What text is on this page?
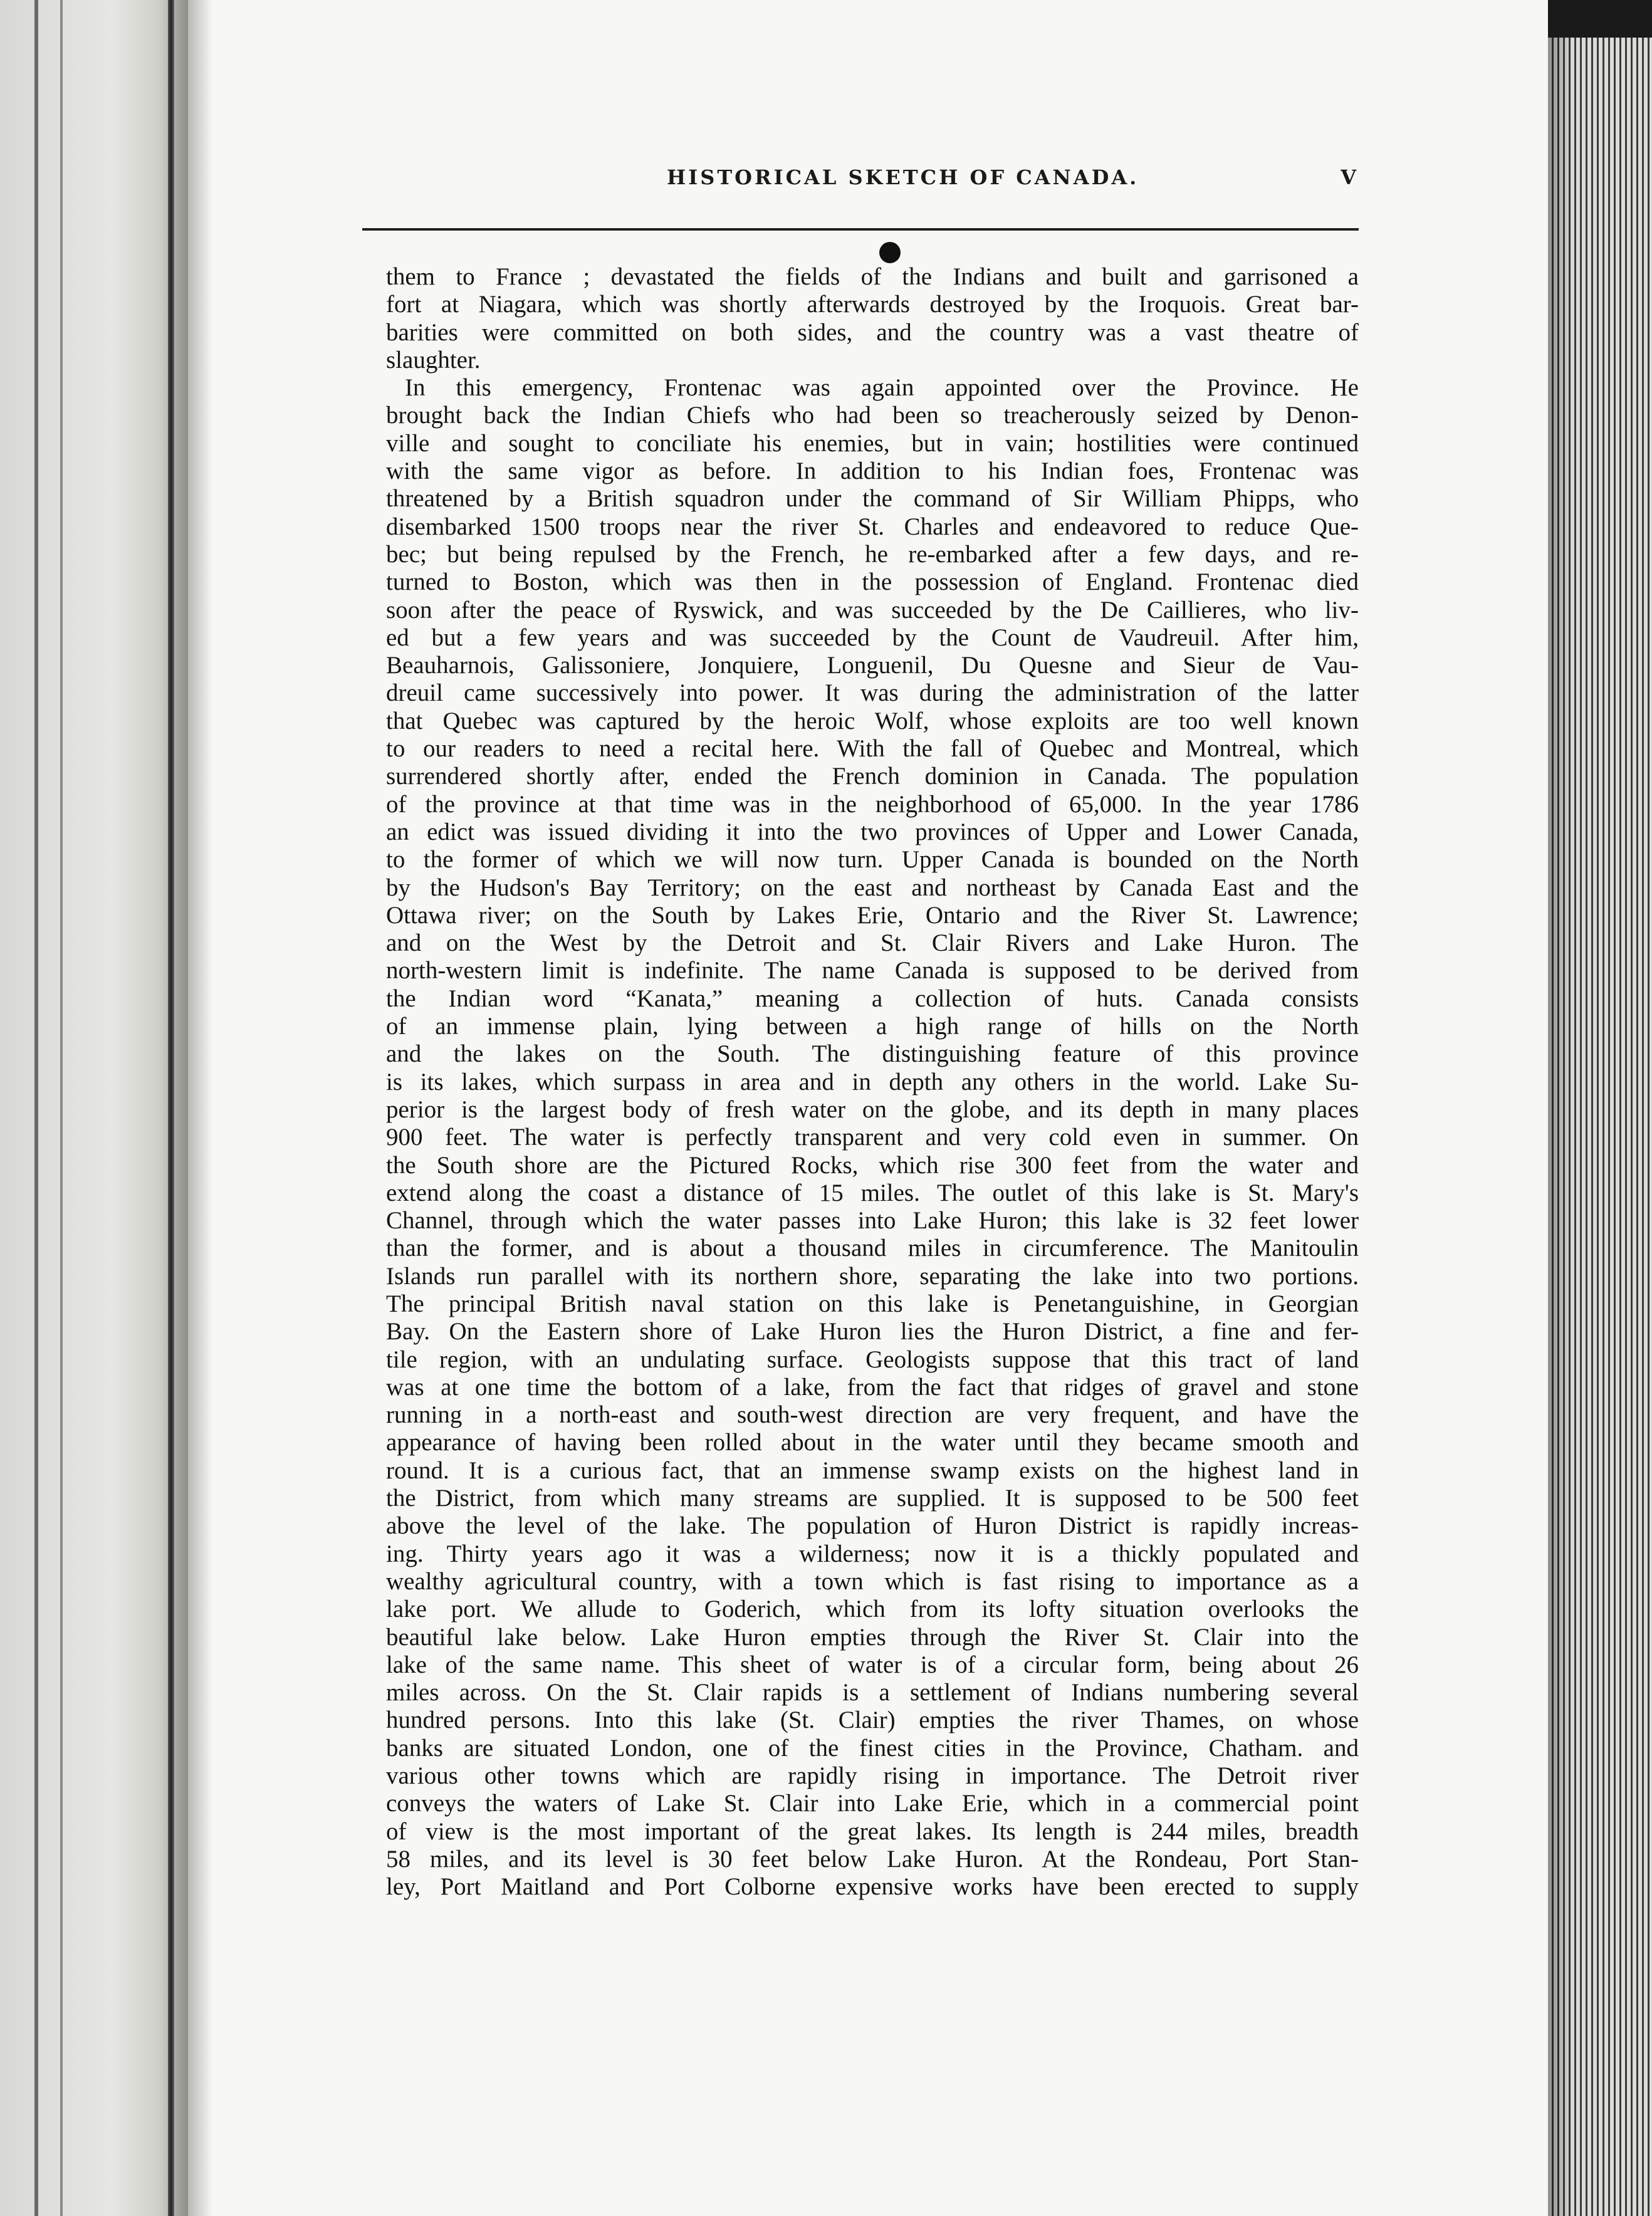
HISTORICAL SKETCH OF CANADA.	V
them to France ; devastated the fields of the Indians and built and garrisoned a
fort at Niagara, which was shortly afterwards destroyed by the Iroquois. Great bar-
barities were committed on both sides, and the country was a vast theatre of
slaughter.
In this emergency, Frontenac was again appointed over the Province. He
brought back the Indian Chiefs who had been so treacherously seized by Denon-
ville and sought to conciliate his enemies, but in vain; hostilities were continued
with the same vigor as before. In addition to his Indian foes, Frontenac was
threatened by a British squadron under the command of Sir William Phipps, who
disembarked 1500 troops near the river St. Charles and endeavored to reduce Que-
bec; but being repulsed by the French, he re-embarked after a few days, and re-
turned to Boston, which was then in the possession of England. Frontenac died
soon after the peace of Ryswick, and was succeeded by the De Caillieres, who liv-
ed but a few years and was succeeded by the Count de Vaudreuil. After him,
Beauharnois, Galissoniere, Jonquiere, Longuenil, Du Quesne and Sieur de Vau-
dreuil came successively into power. It was during the administration of the latter
that Quebec was captured by the heroic Wolf, whose exploits are too well known
to our readers to need a recital here. With the fall of Quebec and Montreal, which
surrendered shortly after, ended the French dominion in Canada. The population
of the province at that time was in the neighborhood of 65,000. In the year 1786
an edict was issued dividing it into the two provinces of Upper and Lower Canada,
to the former of which we will now turn. Upper Canada is bounded on the North
by the Hudson's Bay Territory; on the east and northeast by Canada East and the
Ottawa river; on the South by Lakes Erie, Ontario and the River St. Lawrence;
and on the West by the Detroit and St. Clair Rivers and Lake Huron. The
north-western limit is indefinite. The name Canada is supposed to be derived from
the Indian word “Kanata,” meaning a collection of huts. Canada consists
of an immense plain, lying between a high range of hills on the North
and the lakes on the South. The distinguishing feature of this province
is its lakes, which surpass in area and in depth any others in the world. Lake Su-
perior is the largest body of fresh water on the globe, and its depth in many places
900 feet. The water is perfectly transparent and very cold even in summer. On
the South shore are the Pictured Rocks, which rise 300 feet from the water and
extend along the coast a distance of 15 miles. The outlet of this lake is St. Mary's
Channel, through which the water passes into Lake Huron; this lake is 32 feet lower
than the former, and is about a thousand miles in circumference. The Manitoulin
Islands run parallel with its northern shore, separating the lake into two portions.
The principal British naval station on this lake is Penetanguishine, in Georgian
Bay. On the Eastern shore of Lake Huron lies the Huron District, a fine and fer-
tile region, with an undulating surface. Geologists suppose that this tract of land
was at one time the bottom of a lake, from the fact that ridges of gravel and stone
running in a north-east and south-west direction are very frequent, and have the
appearance of having been rolled about in the water until they became smooth and
round. It is a curious fact, that an immense swamp exists on the highest land in
the District, from which many streams are supplied. It is supposed to be 500 feet
above the level of the lake. The population of Huron District is rapidly increas-
ing. Thirty years ago it was a wilderness; now it is a thickly populated and
wealthy agricultural country, with a town which is fast rising to importance as a
lake port. We allude to Goderich, which from its lofty situation overlooks the
beautiful lake below. Lake Huron empties through the River St. Clair into the
lake of the same name. This sheet of water is of a circular form, being about 26
miles across. On the St. Clair rapids is a settlement of Indians numbering several
hundred persons. Into this lake (St. Clair) empties the river Thames, on whose
banks are situated London, one of the finest cities in the Province, Chatham. and
various other towns which are rapidly rising in importance. The Detroit river
conveys the waters of Lake St. Clair into Lake Erie, which in a commercial point
of view is the most important of the great lakes. Its length is 244 miles, breadth
58 miles, and its level is 30 feet below Lake Huron. At the Rondeau, Port Stan-
ley, Port Maitland and Port Colborne expensive works have been erected to supply
